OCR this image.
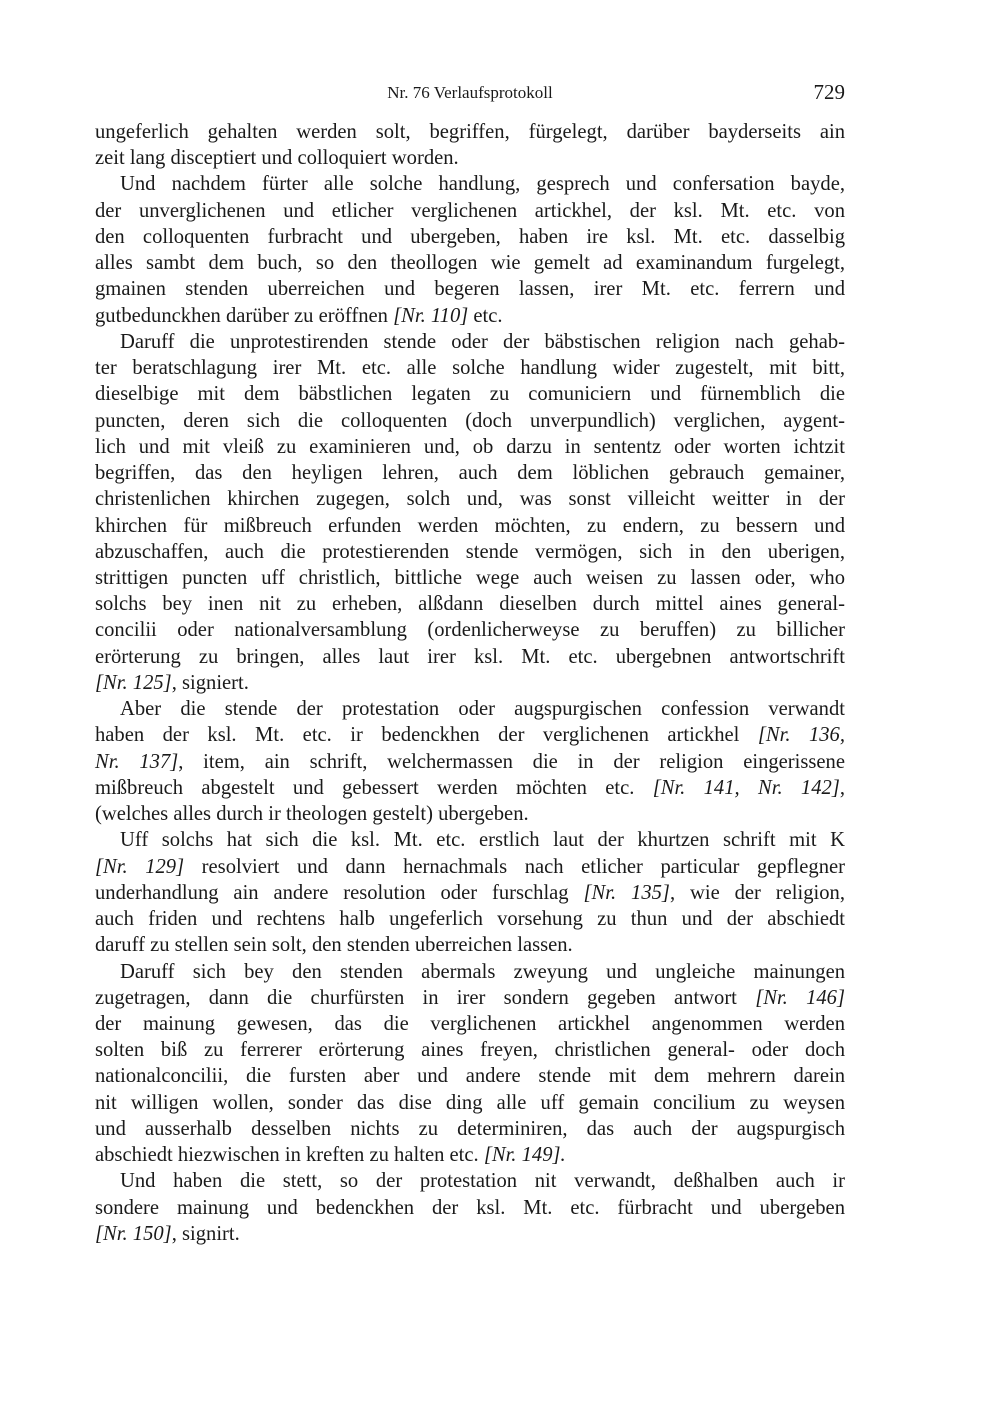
Nr. 76 Verlaufsprotokoll	729
ungeferlich gehalten werden solt, begriffen, fürgelegt, darüber bayderseits ain
zeit lang disceptiert und colloquiert worden.
Und nachdem fürter alle solche handlung, gesprech und confersation bayde,
der unverglichenen und etlicher verglichenen artickhel, der ksl. Mt. etc. von
den colloquenten furbracht und ubergeben, haben ire ksl. Mt. etc. dasselbig
alles sambt dem buch, so den theollogen wie gemelt ad examinandum furgelegt,
gmainen stenden uberreichen und begeren lassen, irer Mt. etc. ferrern und
gutbedunckhen darüber zu eröffnen [Nr. 110] etc.
Daruff die unprotestirenden stende oder der bäbstischen religion nach gehab-
ter beratschlagung irer Mt. etc. alle solche handlung wider zugestelt, mit bitt,
dieselbige mit dem bäbstlichen legaten zu comuniciern und fürnemblich die
puncten, deren sich die colloquenten (doch unverpundlich) verglichen, aygent-
lich und mit vleiß zu examinieren und, ob darzu in sententz oder worten ichtzit
begriffen, das den heyligen lehren, auch dem löblichen gebrauch gemainer,
christenlichen khirchen zugegen, solch und, was sonst villeicht weitter in der
khirchen für mißbreuch erfunden werden möchten, zu endern, zu bessern und
abzuschaffen, auch die protestierenden stende vermögen, sich in den uberigen,
strittigen puncten uff christlich, bittliche wege auch weisen zu lassen oder, who
solchs bey inen nit zu erheben, alßdann dieselben durch mittel aines general-
concilii oder nationalversamblung (ordenlicherweyse zu beruffen) zu billicher
erörterung zu bringen, alles laut irer ksl. Mt. etc. ubergebnen antwortschrift
[Nr. 125], signiert.
Aber die stende der protestation oder augspurgischen confession verwandt
haben der ksl. Mt. etc. ir bedenckhen der verglichenen artickhel [Nr. 136,
Nr. 137], item, ain schrift, welchermassen die in der religion eingerissene
mißbreuch abgestelt und gebessert werden möchten etc. [Nr. 141, Nr. 142],
(welches alles durch ir theologen gestelt) ubergeben.
Uff solchs hat sich die ksl. Mt. etc. erstlich laut der khurtzen schrift mit K
[Nr. 129] resolviert und dann hernachmals nach etlicher particular gepflegner
underhandlung ain andere resolution oder furschlag [Nr. 135], wie der religion,
auch friden und rechtens halb ungeferlich vorsehung zu thun und der abschiedt
daruff zu stellen sein solt, den stenden uberreichen lassen.
Daruff sich bey den stenden abermals zweyung und ungleiche mainungen
zugetragen, dann die churfürsten in irer sondern gegeben antwort [Nr. 146]
der mainung gewesen, das die verglichenen artickhel angenommen werden
solten biß zu ferrerer erörterung aines freyen, christlichen general- oder doch
nationalconcilii, die fursten aber und andere stende mit dem mehrern darein
nit willigen wollen, sonder das dise ding alle uff gemain concilium zu weysen
und ausserhalb desselben nichts zu determiniren, das auch der augspurgisch
abschiedt hiezwischen in kreften zu halten etc. [Nr. 149].
Und haben die stett, so der protestation nit verwandt, deßhalben auch ir
sondere mainung und bedenckhen der ksl. Mt. etc. fürbracht und ubergeben
[Nr. 150], signirt.
